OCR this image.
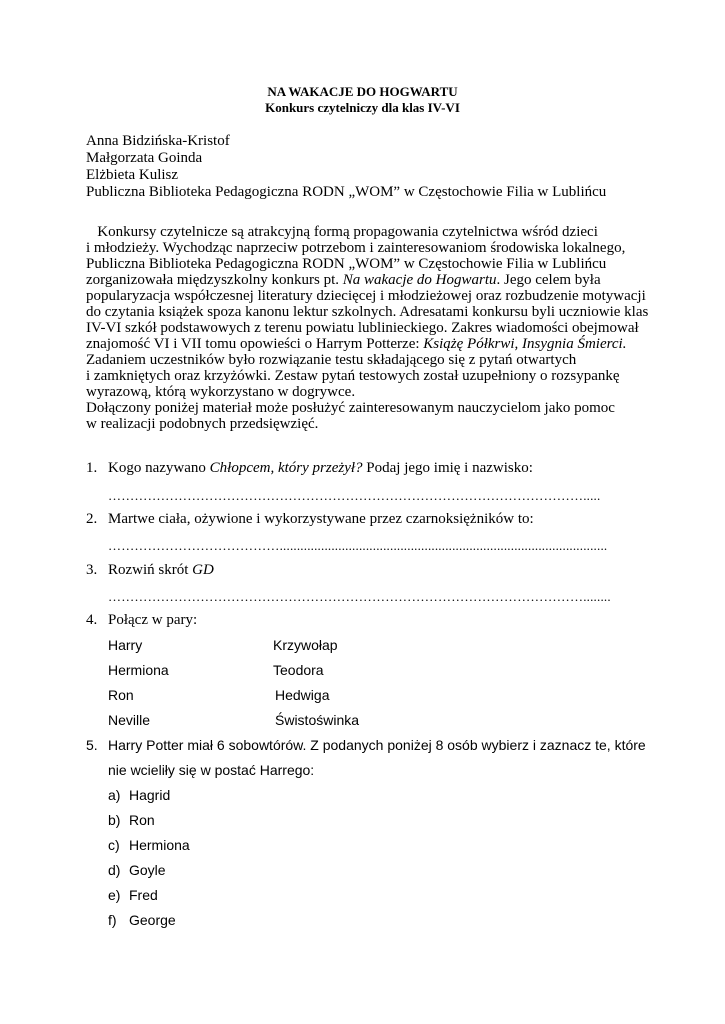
NA WAKACJE DO HOGWARTU
Konkurs czytelniczy dla klas IV-VI
Anna Bidzińska-Kristof
Małgorzata Goinda
Elżbieta Kulisz
Publiczna Biblioteka Pedagogiczna RODN „WOM” w Częstochowie Filia w Lublińcu
Konkursy czytelnicze są atrakcyjną formą propagowania czytelnictwa wśród dzieci
i młodzieży. Wychodząc naprzeciw potrzebom i zainteresowaniom środowiska lokalnego,
Publiczna Biblioteka Pedagogiczna RODN „WOM” w Częstochowie Filia w Lublińcu
zorganizowała międzyszkolny konkurs pt. Na wakacje do Hogwartu. Jego celem była
popularyzacja współczesnej literatury dziecięcej i młodzieżowej oraz rozbudzenie motywacji
do czytania książek spoza kanonu lektur szkolnych. Adresatami konkursu byli uczniowie klas
IV-VI szkół podstawowych z terenu powiatu lublinieckiego. Zakres wiadomości obejmował
znajomość VI i VII tomu opowieści o Harrym Potterze: Książę Półkrwi, Insygnia Śmierci.
Zadaniem uczestników było rozwiązanie testu składającego się z pytań otwartych
i zamkniętych oraz krzyżówki. Zestaw pytań testowych został uzupełniony o rozsypankę
wyrazową, którą wykorzystano w dogrywce.
Dołączony poniżej materiał może posłużyć zainteresowanym nauczycielom jako pomoc
w realizacji podobnych przedsięwzięć.
1. Kogo nazywano Chłopcem, który przeżył? Podaj jego imię i nazwisko:
……………………………………………………………………………………………….....
2. Martwe ciała, ożywione i wykorzystywane przez czarnoksiężników to:
…………………………………...............................................................................................
3. Rozwiń skrót GD
………………………………………………………………………………………………........
4. Połącz w pary:
Harry	Krzywołap
Hermiona	Teodora
Ron	Hedwiga
Neville	Świstoświnka
5. Harry Potter miał 6 sobowtórów. Z podanych poniżej 8 osób wybierz i zaznacz te, które
nie wcieliły się w postać Harrego:
a) Hagrid
b) Ron
c) Hermiona
d) Goyle
e) Fred
f) George
